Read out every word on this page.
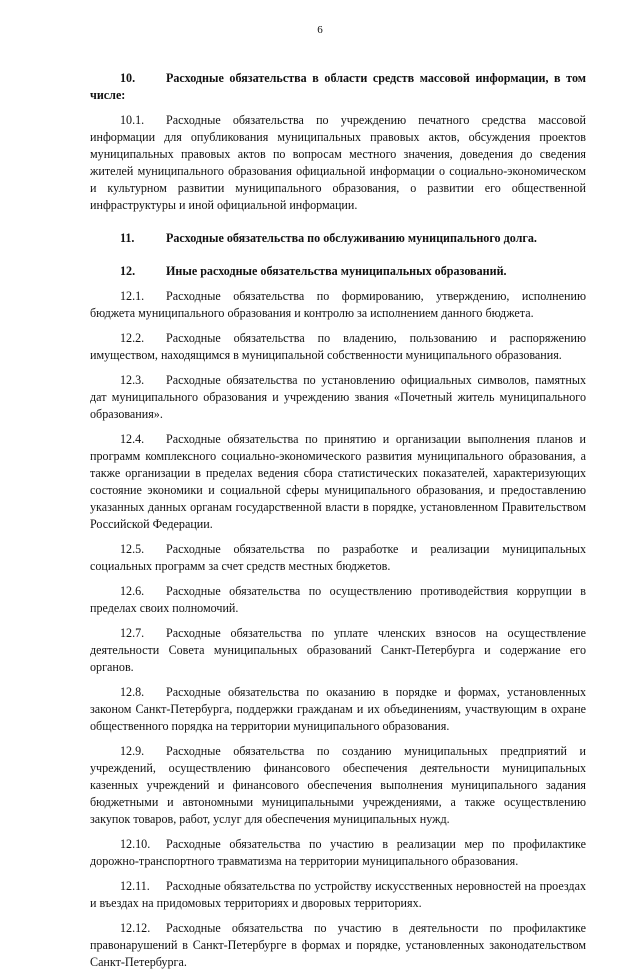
6

10.	Расходные обязательства в области средств массовой информации, в том числе:

10.1. Расходные обязательства по учреждению печатного средства массовой информации для опубликования муниципальных правовых актов, обсуждения проектов муниципальных правовых актов по вопросам местного значения, доведения до сведения жителей муниципального образования официальной информации о социально-экономическом и культурном развитии муниципального образования, о развитии его общественной инфраструктуры и иной официальной информации.

11.	Расходные обязательства по обслуживанию муниципального долга.

12.	Иные расходные обязательства муниципальных образований.

12.1. Расходные обязательства по формированию, утверждению, исполнению бюджета муниципального образования и контролю за исполнением данного бюджета.

12.2. Расходные обязательства по владению, пользованию и распоряжению имуществом, находящимся в муниципальной собственности муниципального образования.

12.3. Расходные обязательства по установлению официальных символов, памятных дат муниципального образования и учреждению звания «Почетный житель муниципального образования».

12.4. Расходные обязательства по принятию и организации выполнения планов и программ комплексного социально-экономического развития муниципального образования, а также организации в пределах ведения сбора статистических показателей, характеризующих состояние экономики и социальной сферы муниципального образования, и предоставлению указанных данных органам государственной власти в порядке, установленном Правительством Российской Федерации.

12.5. Расходные обязательства по разработке и реализации муниципальных социальных программ за счет средств местных бюджетов.

12.6. Расходные обязательства по осуществлению противодействия коррупции в пределах своих полномочий.

12.7. Расходные обязательства по уплате членских взносов на осуществление деятельности Совета муниципальных образований Санкт-Петербурга и содержание его органов.

12.8. Расходные обязательства по оказанию в порядке и формах, установленных законом Санкт-Петербурга, поддержки гражданам и их объединениям, участвующим в охране общественного порядка на территории муниципального образования.

12.9. Расходные обязательства по созданию муниципальных предприятий и учреждений, осуществлению финансового обеспечения деятельности муниципальных казенных учреждений и финансового обеспечения выполнения муниципального задания бюджетными и автономными муниципальными учреждениями, а также осуществлению закупок товаров, работ, услуг для обеспечения муниципальных нужд.

12.10. Расходные обязательства по участию в реализации мер по профилактике дорожно-транспортного травматизма на территории муниципального образования.

12.11. Расходные обязательства по устройству искусственных неровностей на проездах и въездах на придомовых территориях и дворовых территориях.

12.12. Расходные обязательства по участию в деятельности по профилактике правонарушений в Санкт-Петербурге в формах и порядке, установленных законодательством Санкт-Петербурга.
